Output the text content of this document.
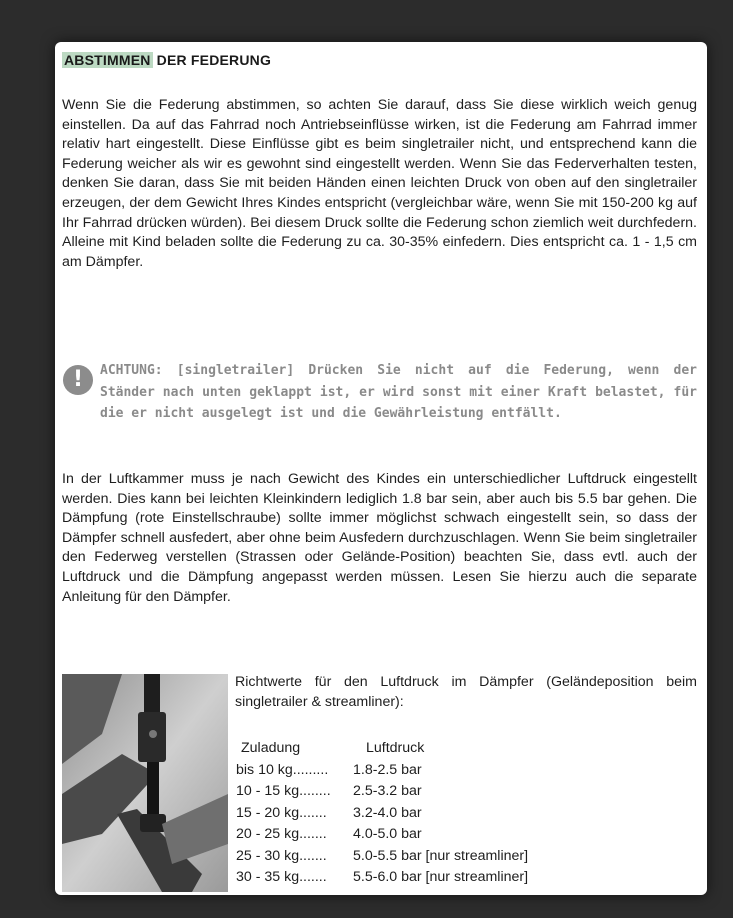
ABSTIMMEN DER FEDERUNG
Wenn Sie die Federung abstimmen, so achten Sie darauf, dass Sie diese wirklich weich genug einstellen. Da auf das Fahrrad noch Antriebseinflüsse wirken, ist die Federung am Fahrrad immer relativ hart eingestellt. Diese Einflüsse gibt es beim singletrailer nicht, und entsprechend kann die Federung weicher als wir es gewohnt sind eingestellt werden. Wenn Sie das Federverhalten testen, denken Sie daran, dass Sie mit beiden Händen einen leichten Druck von oben auf den singletrailer erzeugen, der dem Gewicht Ihres Kindes entspricht (vergleichbar wäre, wenn Sie mit 150-200 kg auf Ihr Fahrrad drücken würden). Bei diesem Druck sollte die Federung schon ziemlich weit durchfedern. Alleine mit Kind beladen sollte die Federung zu ca. 30-35% einfedern. Dies entspricht ca. 1 - 1,5 cm am Dämpfer.
!	ACHTUNG: [singletrailer] Drücken Sie nicht auf die Federung, wenn der Ständer nach unten geklappt ist, er wird sonst mit einer Kraft belastet, für die er nicht ausgelegt ist und die Gewährleistung entfällt.
In der Luftkammer muss je nach Gewicht des Kindes ein unterschiedlicher Luftdruck eingestellt werden. Dies kann bei leichten Kleinkindern lediglich 1.8 bar sein, aber auch bis 5.5 bar gehen. Die Dämpfung (rote Einstellschraube) sollte immer möglichst schwach eingestellt sein, so dass der Dämpfer schnell ausfedert, aber ohne beim Ausfedern durchzuschlagen. Wenn Sie beim singletrailer den Federweg verstellen (Strassen oder Gelände-Position) beachten Sie, dass evtl. auch der Luftdruck und die Dämpfung angepasst werden müssen. Lesen Sie hierzu auch die separate Anleitung für den Dämpfer.
Richtwerte für den Luftdruck im Dämpfer (Geländeposition beim singletrailer & streamliner):
Zuladung	Luftdruck
bis 10 kg.........	1.8-2.5 bar
10 - 15 kg........	2.5-3.2 bar
15 - 20 kg.......	3.2-4.0 bar
20 - 25 kg.......	4.0-5.0 bar
25 - 30 kg.......	5.0-5.5 bar [nur streamliner]
30 - 35 kg.......	5.5-6.0 bar [nur streamliner]
